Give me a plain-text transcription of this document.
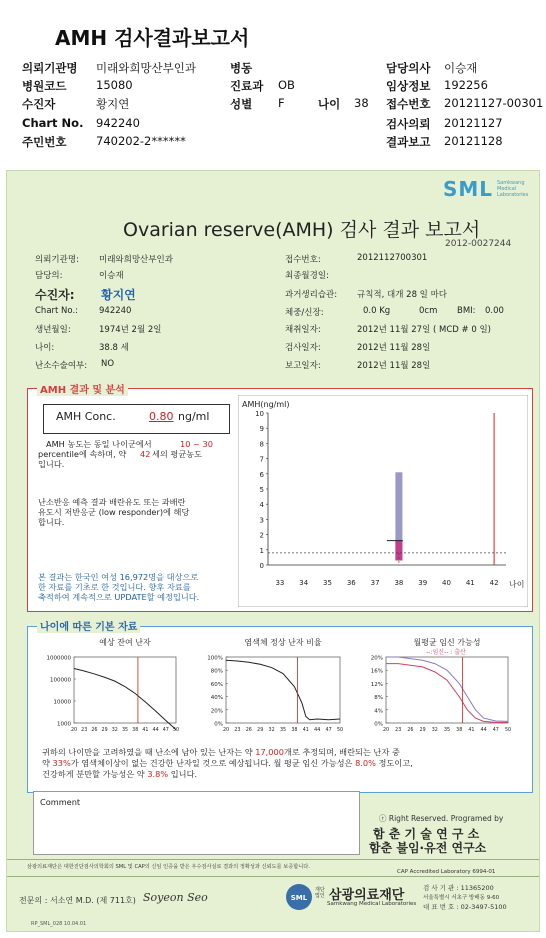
AMH 검사결과보고서
의뢰기관명 미래와희망산부인과	병동	담당의사 이승재
병원코드	15080	진료과 OB	임상정보 192256
수진자	황지연	성별 F	나이 38 접수번호 20121127-00301
Chart No. 942240	검사의뢰 20121127
주민번호	740202-2******	결과보고 20121128
SML Samkwang
Medical
Laboratories
Ovarian reserve(AMH) 검사 결과 보고서
2012-0027244
의뢰기관명: 미래와희망산부인과
담당의:	이승재
수진자: 황지연
Chart No.: 942240
생년월일:	1974년 2월 2일
나이:	38.8 세
난소수술여부: NO
접수번호:	2012112700301
최종월경일:
과거생리습관: 규칙적, 대개 28 일 마다
체중/신장:	0.0 Kg	0cm BMI: 0.00
채취일자:	2012년 11월 27일 ( MCD # 0 일)
검사일자:	2012년 11월 28일
보고일자:	2012년 11월 28일
AMH Conc.	0.80 ng/ml
AMH 농도는 동일 나이군에서	10 ~ 30
percentile에 속하며, 약 42 세의 평균농도
입니다.
난소반응 예측 결과 배란유도 또는 과배란
유도시 저반응군 (low responder)에 해당
합니다.
본 결과는 한국인 여성 16,972명을 대상으로
한 자료를 기초로 한 것입니다. 향후 자료를
축적하여 계속적으로 UPDATE할 예정입니다.
AMH(ng/ml)
0
1
2
3
4
5
6
7
8
9
10
33 34 35 36 37 38 39 40 41 42 나이
AMH 결과 및 분석
예상 잔여 난자
1000
10000
100000
1000000
20 23 26 29 32 35 38 41 44 47 50
염색체 정상 난자 비율
0%
20%
40%
60%
80%
100%
20 23 26 29 32 35 38 41 44 47 50
월평균 임신 가능성
0%
4%
8%
12%
16%
20%
20 23 26 29 32 35 38 41 44 47 50
--:임신-- : 출산
귀하의 나이만을 고려하였을 때 난소에 남아 있는 난자는 약 17,000개로 추정되며, 배란되는 난자 중
약 33%가 염색체이상이 없는 건강한 난자일 것으로 예상됩니다. 월 평균 임신 가능성은 8.0% 정도이고,
건강하게 분만할 가능성은 약 3.8% 입니다.
나이에 따른 기본 자료
Comment
ⓡ Right Reserved. Programed by
함 춘 기 술 연 구 소
함춘 불임·유전 연구소
삼광의료재단은 대한진단검사의학회의 SML 및 CAP의 신임 인증을 받은 우수검사실로 결과의 정확성과 신뢰도를 보증합니다.
CAP Accredited Laboratory 6994-01
전문의 : 서소연 M.D. (제 711호) Soyeon Seo	SML
재단법인 삼광의료재단
Samkwang Medical Laboratories
검 사 기 관 : 11365200
서울특별시 서초구 방배동 9-60
대 표 번 호 : 02-3497-5100
RP_SML_028 10.04.01
